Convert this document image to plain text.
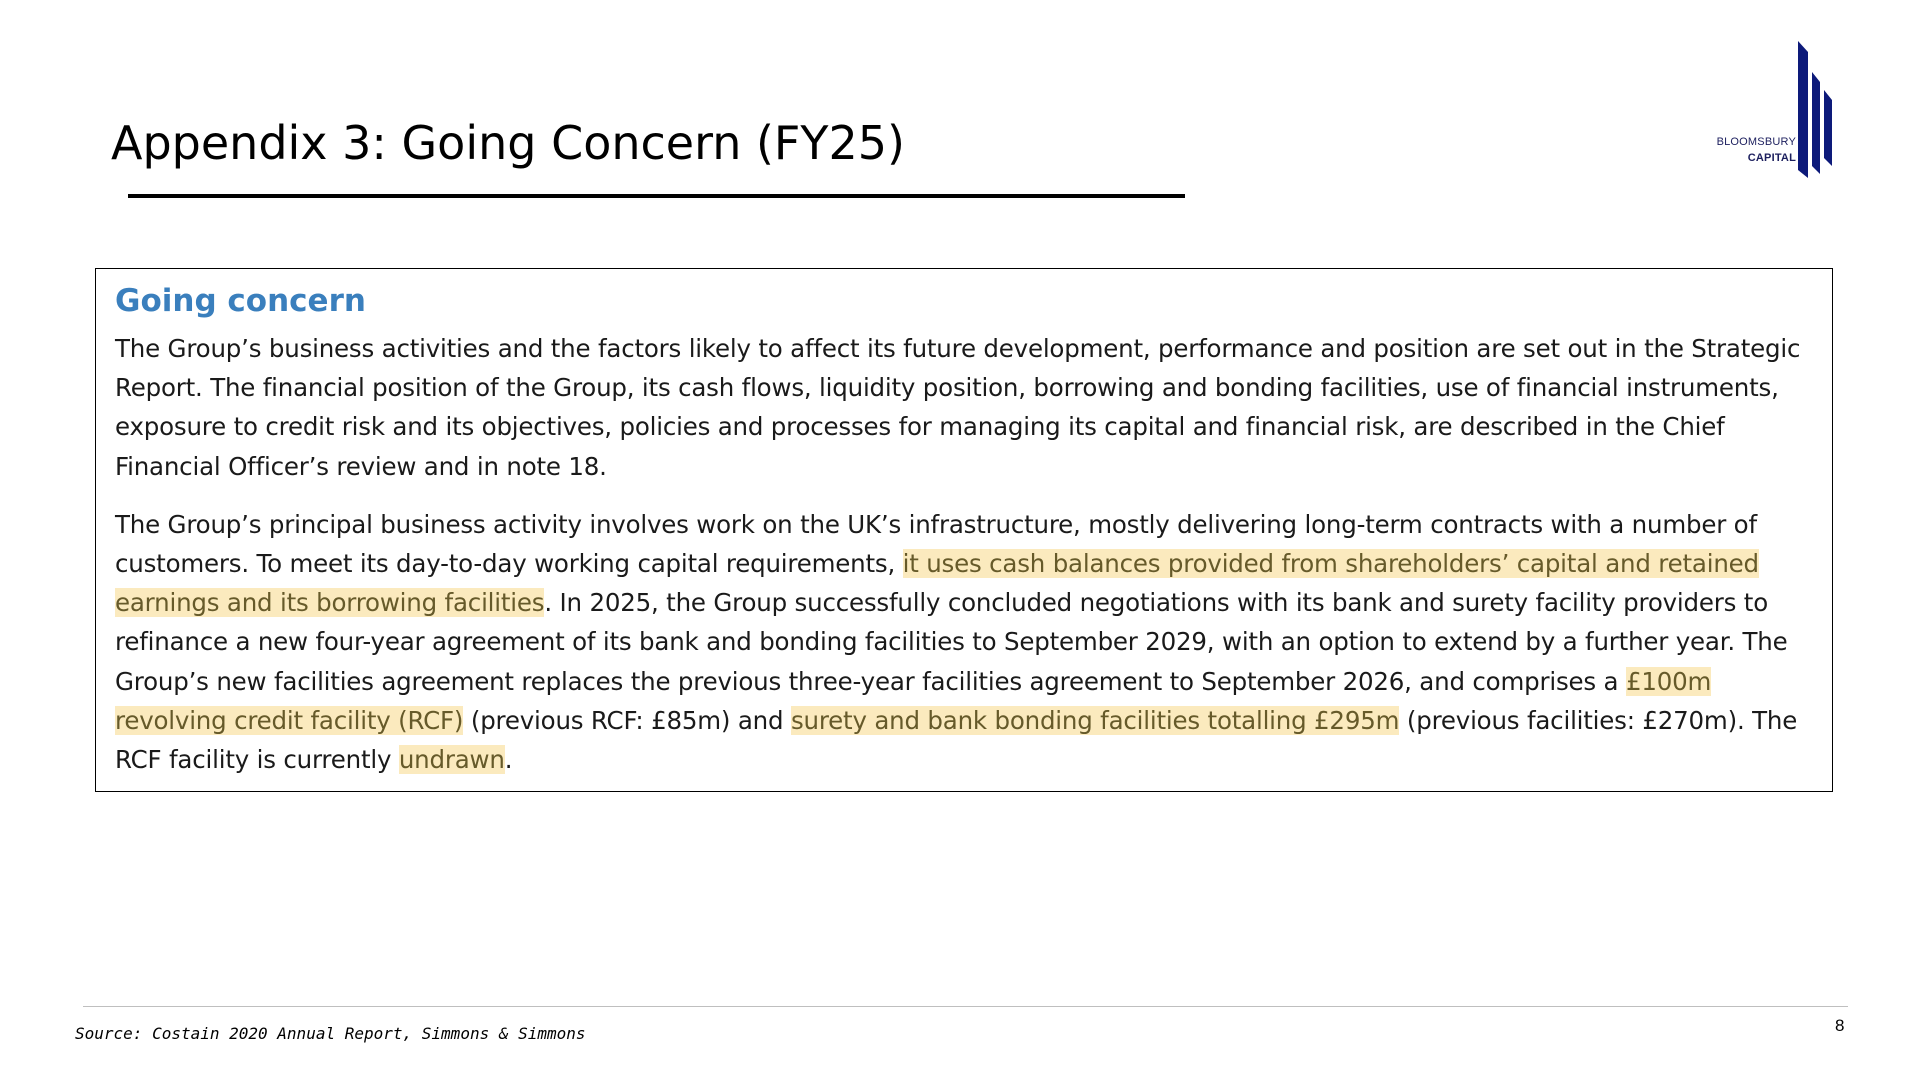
Appendix 3: Going Concern (FY25)	BLOOMSBURY
CAPITAL
Going concern

The Group’s business activities and the factors likely to affect its future development, performance and position are set out in the Strategic Report. The financial position of the Group, its cash flows, liquidity position, borrowing and bonding facilities, use of financial instruments, exposure to credit risk and its objectives, policies and processes for managing its capital and financial risk, are described in the Chief Financial Officer’s review and in note 18.

The Group’s principal business activity involves work on the UK’s infrastructure, mostly delivering long-term contracts with a number of customers. To meet its day-to-day working capital requirements, it uses cash balances provided from shareholders’ capital and retained earnings and its borrowing facilities. In 2025, the Group successfully concluded negotiations with its bank and surety facility providers to refinance a new four-year agreement of its bank and bonding facilities to September 2029, with an option to extend by a further year. The Group’s new facilities agreement replaces the previous three-year facilities agreement to September 2026, and comprises a £100m revolving credit facility (RCF) (previous RCF: £85m) and surety and bank bonding facilities totalling £295m (previous facilities: £270m). The RCF facility is currently undrawn.

Source: Costain 2020 Annual Report, Simmons & Simmons	8
